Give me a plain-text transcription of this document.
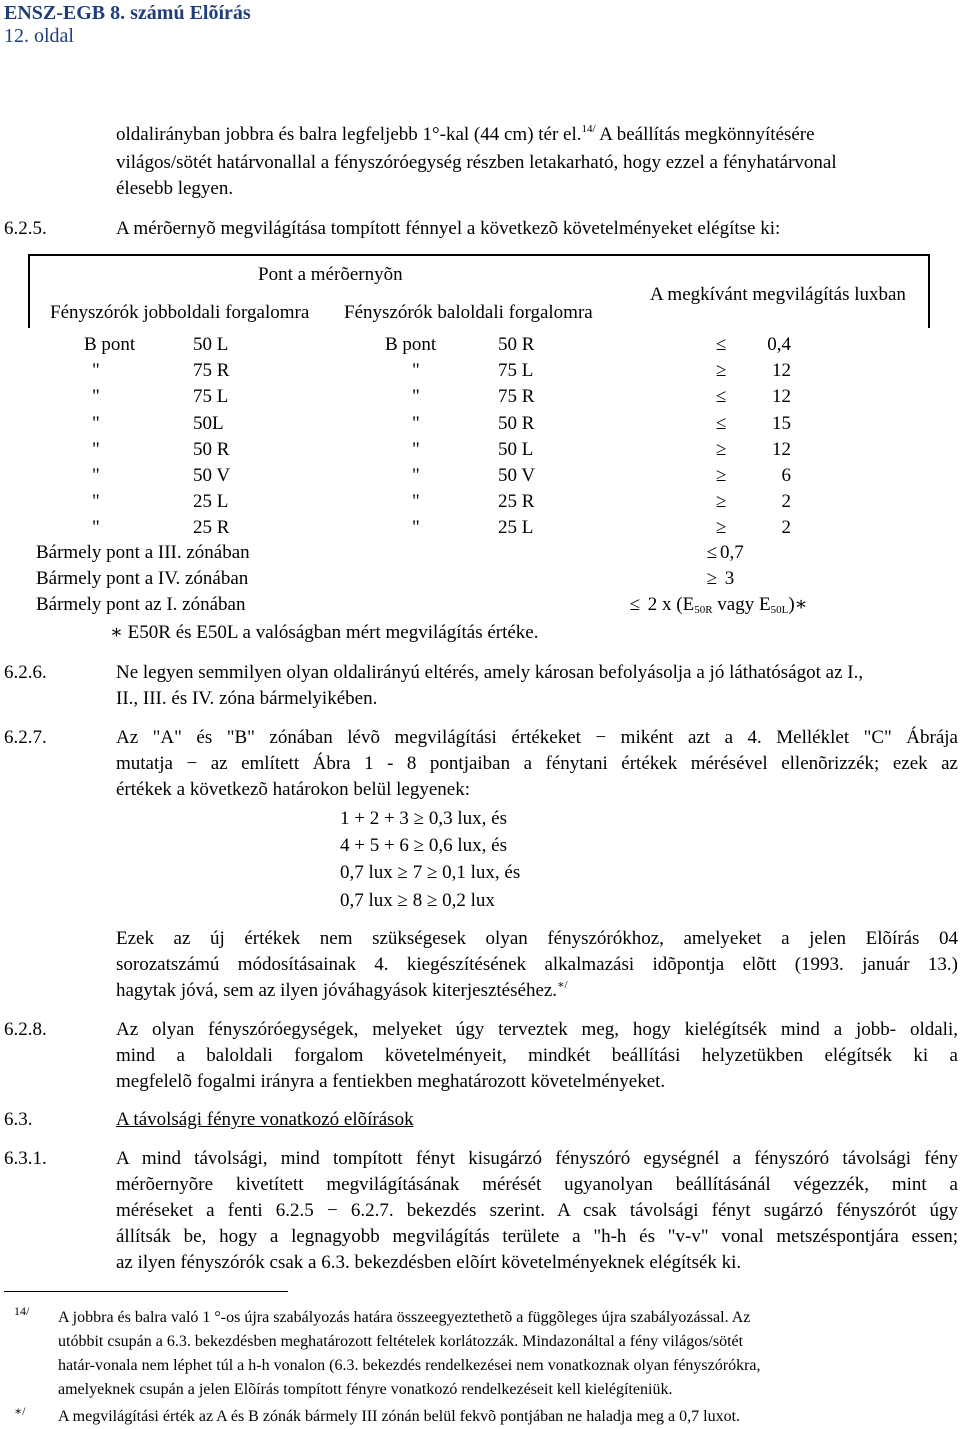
ENSZ-EGB 8. számú Elõírás
12. oldal
oldalirányban jobbra és balra legfeljebb 1°-kal (44 cm) tér el.$^{14/}$ A beállítás megkönnyítésére
világos/sötét határvonallal a fényszóróegység részben letakarható, hogy ezzel a fényhatárvonal
élesebb legyen.
6.2.5.	A mérõernyõ megvilágítása tompított fénnyel a következõ követelményeket elégítse ki:
Pont a mérõernyõn
A megkívánt megvilágítás luxban
Fényszórók jobboldali forgalomra Fényszórók baloldali forgalomra
B pont	50 L	B pont	50 R	≤ 0,4
"	75 R	"	75 L	≥ 12
"	75 L	"	75 R	≤ 12
"	50L	"	50 R	≤ 15
"	50 R	"	50 L	≥ 12
"	50 V	"	50 V	≥	6
"	25 L	"	25 R	≥	2
"	25 R	"	25 L	≥	2
Bármely pont a III. zónában	≤ 0,7
Bármely pont a IV. zónában	≥ 3
Bármely pont az I. zónában	≤ 2 x ($E_{50R}$ vagy $E_{50L})∗$
∗ E50R és E50L a valóságban mért megvilágítás értéke.
6.2.6.	Ne legyen semmilyen olyan oldalirányú eltérés, amely károsan befolyásolja a jó láthatóságot az I.,
II., III. és IV. zóna bármelyikében.
6.2.7.	Az "A" és "B" zónában lévõ megvilágítási értékeket − miként azt a 4. Melléklet "C" Ábrája
mutatja − az említett Ábra 1 - 8 pontjaiban a fénytani értékek mérésével ellenõrizzék; ezek az
értékek a következõ határokon belül legyenek:
1 + 2 + 3 ≥ 0,3 lux, és
4 + 5 + 6 ≥ 0,6 lux, és
0,7 lux ≥ 7 ≥ 0,1 lux, és
0,7 lux ≥ 8 ≥ 0,2 lux
Ezek az új értékek nem szükségesek olyan fényszórókhoz, amelyeket a jelen Elõírás 04
sorozatszámú módosításainak 4. kiegészítésének alkalmazási idõpontja elõtt (1993. január 13.)
hagytak jóvá, sem az ilyen jóváhagyások kiterjesztéséhez.∗/
6.2.8.	Az olyan fényszóróegységek, melyeket úgy terveztek meg, hogy kielégítsék mind a jobb- oldali,
mind a baloldali forgalom követelményeit, mindkét beállítási helyzetükben elégítsék ki a
megfelelõ fogalmi irányra a fentiekben meghatározott követelményeket.
6.3.	A távolsági fényre vonatkozó elõírások
6.3.1.	A mind távolsági, mind tompított fényt kisugárzó fényszóró egységnél a fényszóró távolsági fény
mérõernyõre kivetített megvilágításának mérését ugyanolyan beállításánál végezzék, mint a
méréseket a fenti 6.2.5 − 6.2.7. bekezdés szerint. A csak távolsági fényt sugárzó fényszórót úgy
állítsák be, hogy a legnagyobb megvilágítás területe a "h-h és "v-v" vonal metszéspontjára essen;
az ilyen fényszórók csak a 6.3. bekezdésben elõírt követelményeknek elégítsék ki.
14/ A jobbra és balra való 1 °-os újra szabályozás határa összeegyeztethetõ a függõleges újra szabályozással. Az
utóbbit csupán a 6.3. bekezdésben meghatározott feltételek korlátozzák. Mindazonáltal a fény világos/sötét
határ-vonala nem léphet túl a h-h vonalon (6.3. bekezdés rendelkezései nem vonatkoznak olyan fényszórókra,
amelyeknek csupán a jelen Elõírás tompított fényre vonatkozó rendelkezéseit kell kielégíteniük.
∗/ A megvilágítási érték az A és B zónák bármely III zónán belül fekvõ pontjában ne haladja meg a 0,7 luxot.
